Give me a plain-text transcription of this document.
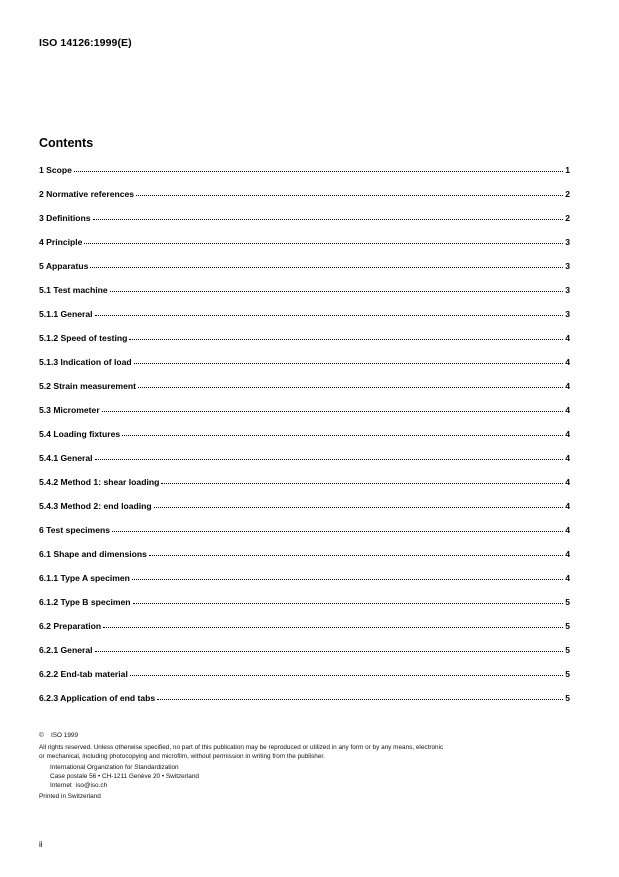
ISO 14126:1999(E)
Contents
1 Scope	1
2 Normative references	2
3 Definitions	2
4 Principle	3
5 Apparatus	3
5.1 Test machine	3
5.1.1 General	3
5.1.2 Speed of testing	4
5.1.3 Indication of load	4
5.2 Strain measurement	4
5.3 Micrometer	4
5.4 Loading fixtures	4
5.4.1 General	4
5.4.2 Method 1: shear loading	4
5.4.3 Method 2: end loading	4
6 Test specimens	4
6.1 Shape and dimensions	4
6.1.1 Type A specimen	4
6.1.2 Type B specimen	5
6.2 Preparation	5
6.2.1 General	5
6.2.2 End-tab material	5
6.2.3 Application of end tabs	5
© ISO 1999
All rights reserved. Unless otherwise specified, no part of this publication may be reproduced or utilized in any form or by any means, electronic
or mechanical, including photocopying and microfilm, without permission in writing from the publisher.
International Organization for Standardization
Case postale 56 • CH-1211 Genève 20 • Switzerland
Internet iso@iso.ch
Printed in Switzerland
ii
